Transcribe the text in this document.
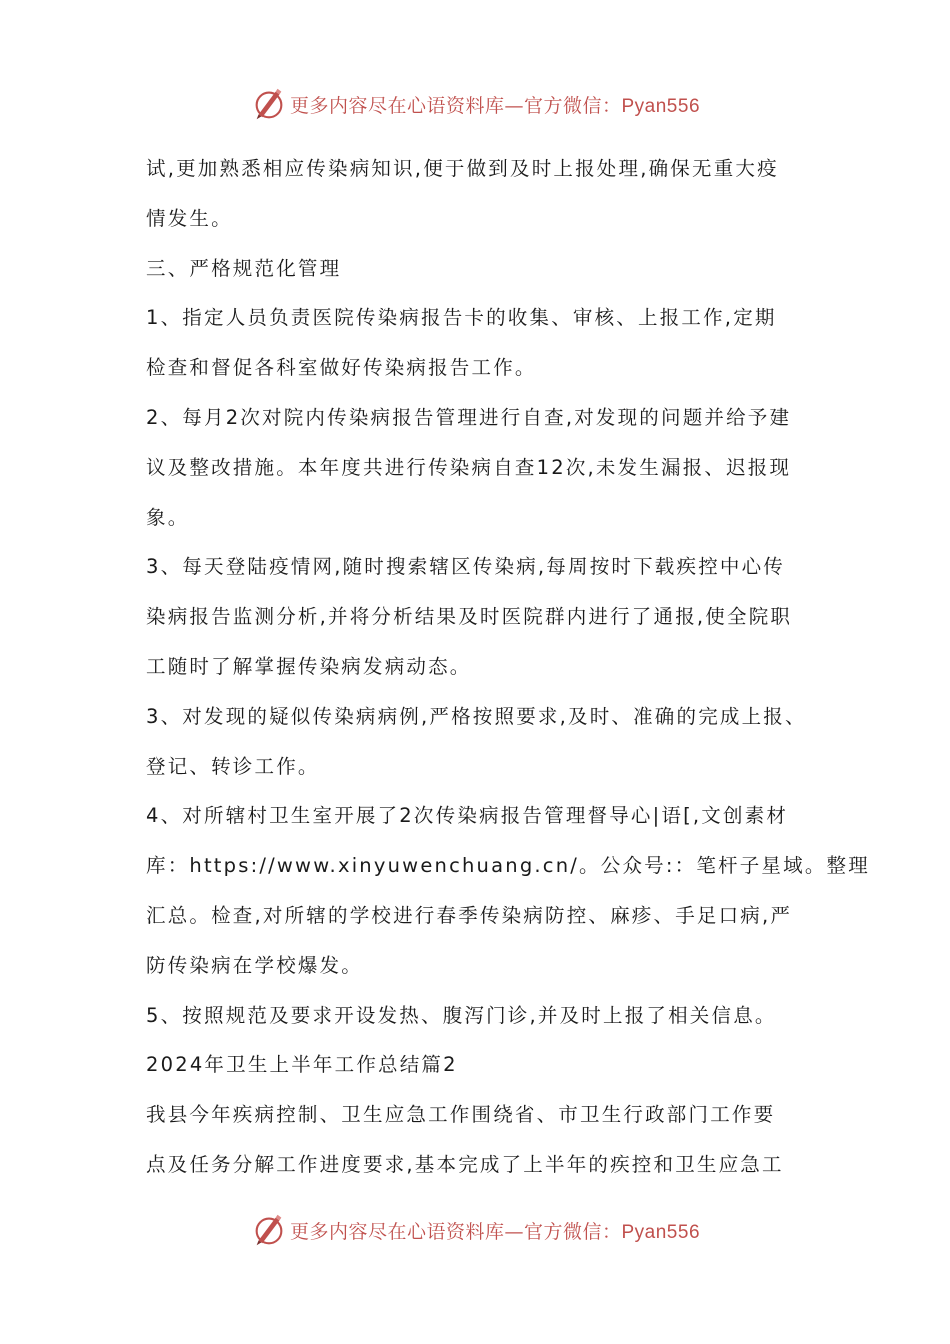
更多内容尽在心语资料库—官方微信：Pyan556
试,更加熟悉相应传染病知识,便于做到及时上报处理,确保无重大疫
情发生。
三、严格规范化管理
1、指定人员负责医院传染病报告卡的收集、审核、上报工作,定期
检查和督促各科室做好传染病报告工作。
2、每月2次对院内传染病报告管理进行自查,对发现的问题并给予建
议及整改措施。本年度共进行传染病自查12次,未发生漏报、迟报现
象。
3、每天登陆疫情网,随时搜索辖区传染病,每周按时下载疾控中心传
染病报告监测分析,并将分析结果及时医院群内进行了通报,使全院职
工随时了解掌握传染病发病动态。
3、对发现的疑似传染病病例,严格按照要求,及时、准确的完成上报、
登记、转诊工作。
4、对所辖村卫生室开展了2次传染病报告管理督导心|语[,文创素材
库：https://www.xinyuwenchuang.cn/。公众号:：笔杆子星域。整理
汇总。检查,对所辖的学校进行春季传染病防控、麻疹、手足口病,严
防传染病在学校爆发。
5、按照规范及要求开设发热、腹泻门诊,并及时上报了相关信息。
2024年卫生上半年工作总结篇2
我县今年疾病控制、卫生应急工作围绕省、市卫生行政部门工作要
点及任务分解工作进度要求,基本完成了上半年的疾控和卫生应急工
更多内容尽在心语资料库—官方微信：Pyan556
